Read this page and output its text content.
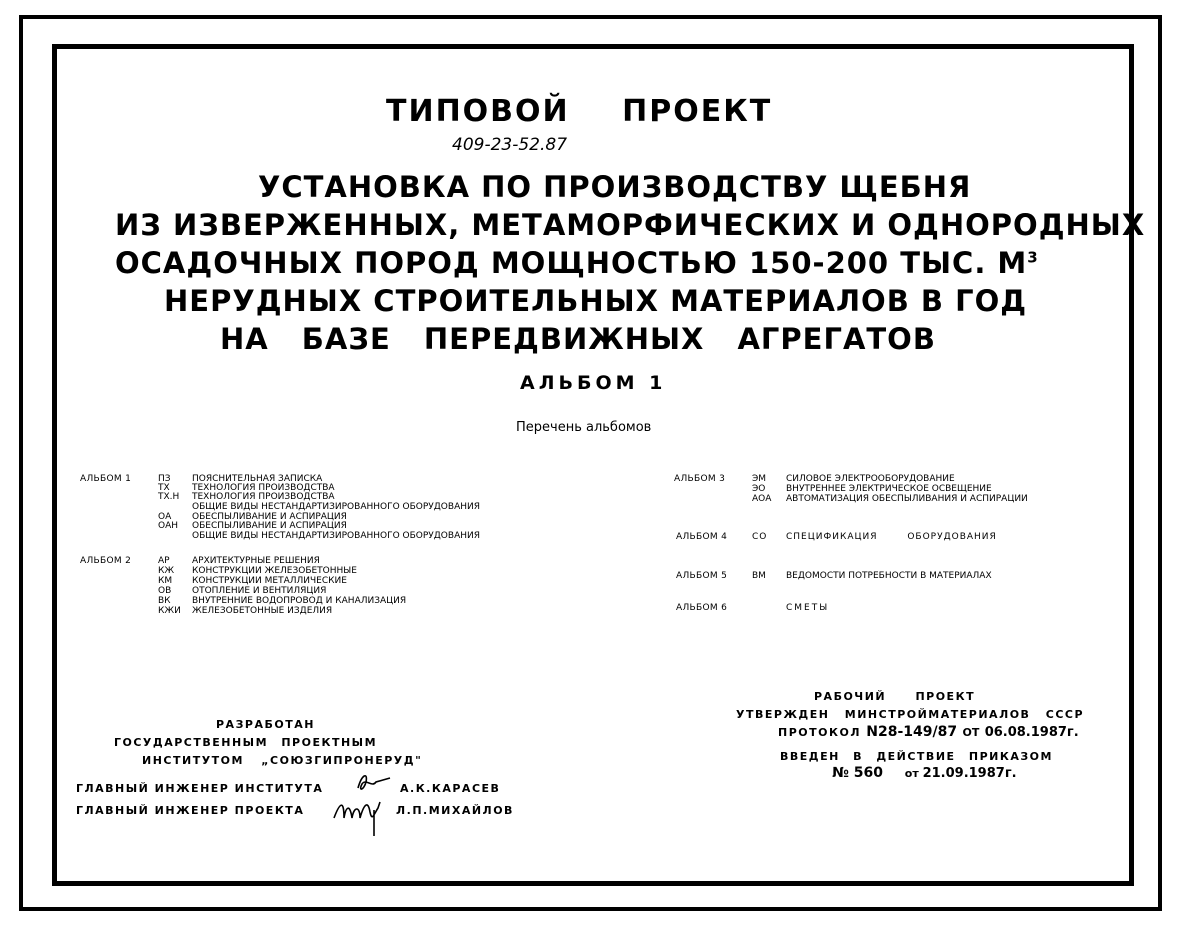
ТИПОВОЙ ПРОЕКТ
409-23-52.87
УСТАНОВКА ПО ПРОИЗВОДСТВУ ЩЕБНЯ
ИЗ ИЗВЕРЖЕННЫХ, МЕТАМОРФИЧЕСКИХ И ОДНОРОДНЫХ
ОСАДОЧНЫХ ПОРОД МОЩНОСТЬЮ 150-200 ТЫС. $М^3$
НЕРУДНЫХ СТРОИТЕЛЬНЫХ МАТЕРИАЛОВ В ГОД
НА БАЗЕ ПЕРЕДВИЖНЫХ АГРЕГАТОВ
АЛЬБОМ 1
Перечень альбомов
АЛЬБОМ 1	ПЗ ПОЯСНИТЕЛЬНАЯ ЗАПИСКА
ТХ ТЕХНОЛОГИЯ ПРОИЗВОДСТВА
ТХ.Н ТЕХНОЛОГИЯ ПРОИЗВОДСТВА
ОБЩИЕ ВИДЫ НЕСТАНДАРТИЗИРОВАННОГО ОБОРУДОВАНИЯ
ОА ОБЕСПЫЛИВАНИЕ И АСПИРАЦИЯ
ОАН ОБЕСПЫЛИВАНИЕ И АСПИРАЦИЯ
ОБЩИЕ ВИДЫ НЕСТАНДАРТИЗИРОВАННОГО ОБОРУДОВАНИЯ
АЛЬБОМ 2	АР АРХИТЕКТУРНЫЕ РЕШЕНИЯ
КЖ КОНСТРУКЦИИ ЖЕЛЕЗОБЕТОННЫЕ
КМ КОНСТРУКЦИИ МЕТАЛЛИЧЕСКИЕ
ОВ ОТОПЛЕНИЕ И ВЕНТИЛЯЦИЯ
ВК ВНУТРЕННИЕ ВОДОПРОВОД И КАНАЛИЗАЦИЯ
КЖИ ЖЕЛЕЗОБЕТОННЫЕ ИЗДЕЛИЯ
АЛЬБОМ 3	ЭМ СИЛОВОЕ ЭЛЕКТРООБОРУДОВАНИЕ
ЭО ВНУТРЕННЕЕ ЭЛЕКТРИЧЕСКОЕ ОСВЕЩЕНИЕ
АОА АВТОМАТИЗАЦИЯ ОБЕСПЫЛИВАНИЯ И АСПИРАЦИИ
АЛЬБОМ 4	СО СПЕЦИФИКАЦИЯ ОБОРУДОВАНИЯ
АЛЬБОМ 5	ВМ ВЕДОМОСТИ ПОТРЕБНОСТИ В МАТЕРИАЛАХ
АЛЬБОМ 6	СМЕТЫ
РАБОЧИЙ ПРОЕКТ
УТВЕРЖДЕН МИНСТРОЙМАТЕРИАЛОВ СССР
ПРОТОКОЛ N28-149/87 ОТ 06.08.1987г.
ВВЕДЕН В ДЕЙСТВИЕ ПРИКАЗОМ
№ 560 от 21.09.1987г.
РАЗРАБОТАН
ГОСУДАРСТВЕННЫМ ПРОЕКТНЫМ
ИНСТИТУТОМ „СОЮЗГИПРОНЕРУД"
ГЛАВНЫЙ ИНЖЕНЕР ИНСТИТУТА	А.К.КАРАСЕВ
ГЛАВНЫЙ ИНЖЕНЕР ПРОЕКТА	Л.П.МИХАЙЛОВ
